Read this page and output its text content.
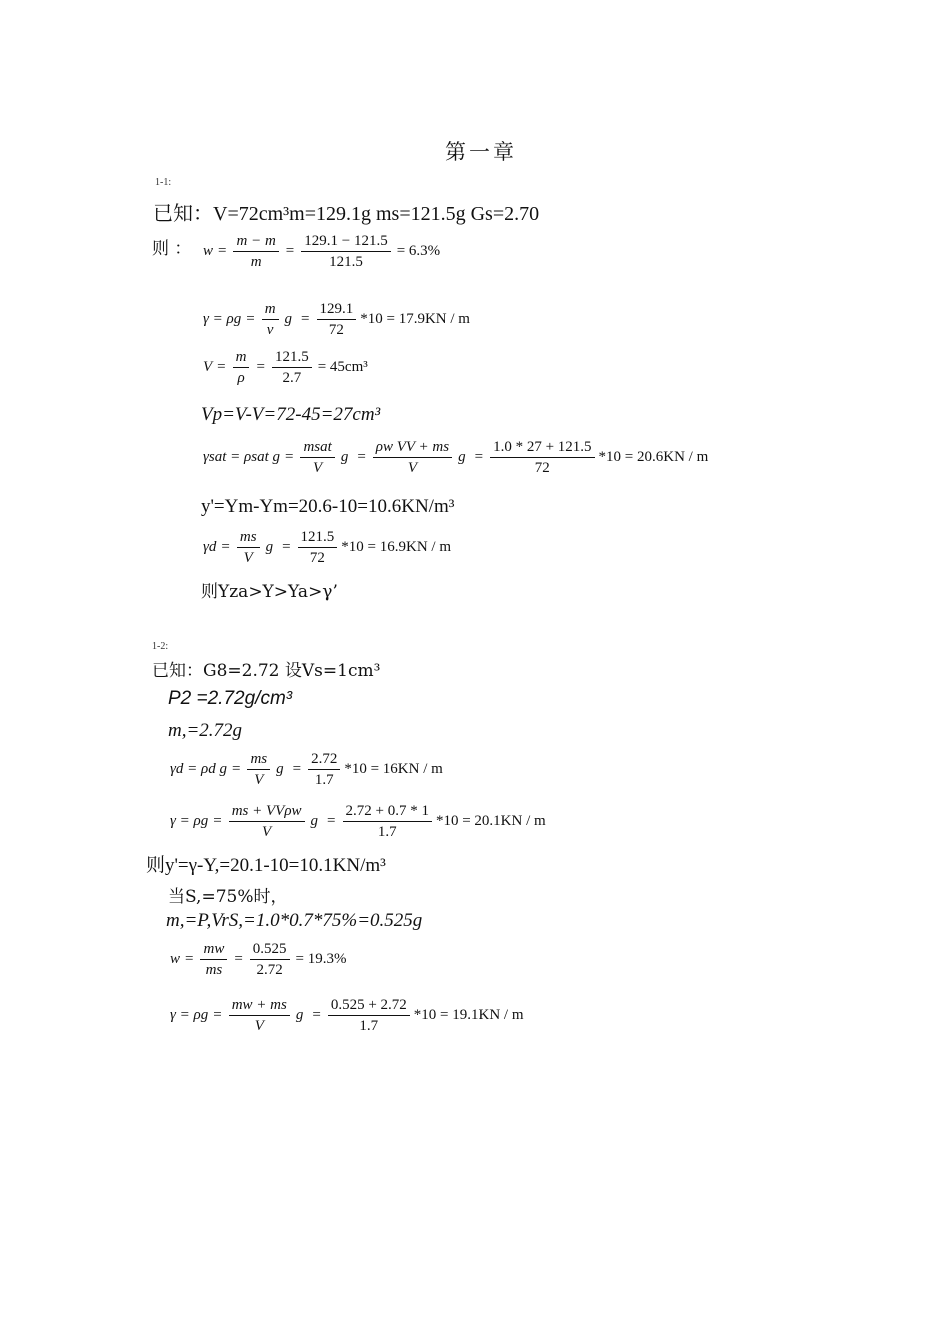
第一章
1-1:
已知：V=72cm³m=129.1g ms=121.5g Gs=2.70
则 ： $w = \frac{m - m}{m} = \frac{129.1 - 121.5}{121.5} = 6.3\%$
$\gamma = \rho g = \frac{m}{v}$ $g = \frac{129.1}{72} *10 = 17.9KN / m$
$V = \frac{m}{\rho} = \frac{121.5}{2.7} = 45cm^3$
Vp=V-V=72-45=27cm³
γsat = ρsat $g = \frac{\text{msat}}{V}$ $g = \frac{\text{ρw VV + ms}}{V}$ $g = \frac{1.0 * 27 + 121.5}{72} *10 = 20.6KN / m$
y'=Ym-Ym=20.6-10=10.6KN/m³
$\gamma d = \frac{ms}{V}$ $g = \frac{121.5}{72} *10 = 16.9KN / m$
则Yza>Y>Ya>γ’
1-2:
已知：G8=2.72 设Vs=1cm³
P2 =2.72g/cm³
m,=2.72g
γd = ρd $g = \frac{ms}{V}$ $g = \frac{2.72}{1.7} *10 = 16KN / m$
$\gamma = \rho g = \frac{\text{ms + VVρw}}{V}$ $g = \frac{2.72 + 0.7 * 1}{1.7} *10 = 20.1KN / m$
则y'=γ-Y,=20.1-10=10.1KN/m³
当S,=75%时，
m,=P,VrS,=1.0*0.7*75%=0.525g
$w = \frac{mw}{ms} = \frac{0.525}{2.72} = 19.3\%$
$\gamma = \rho g = \frac{mw + ms}{V}$ $g = \frac{0.525 + 2.72}{1.7} *10 = 19.1KN / m$
